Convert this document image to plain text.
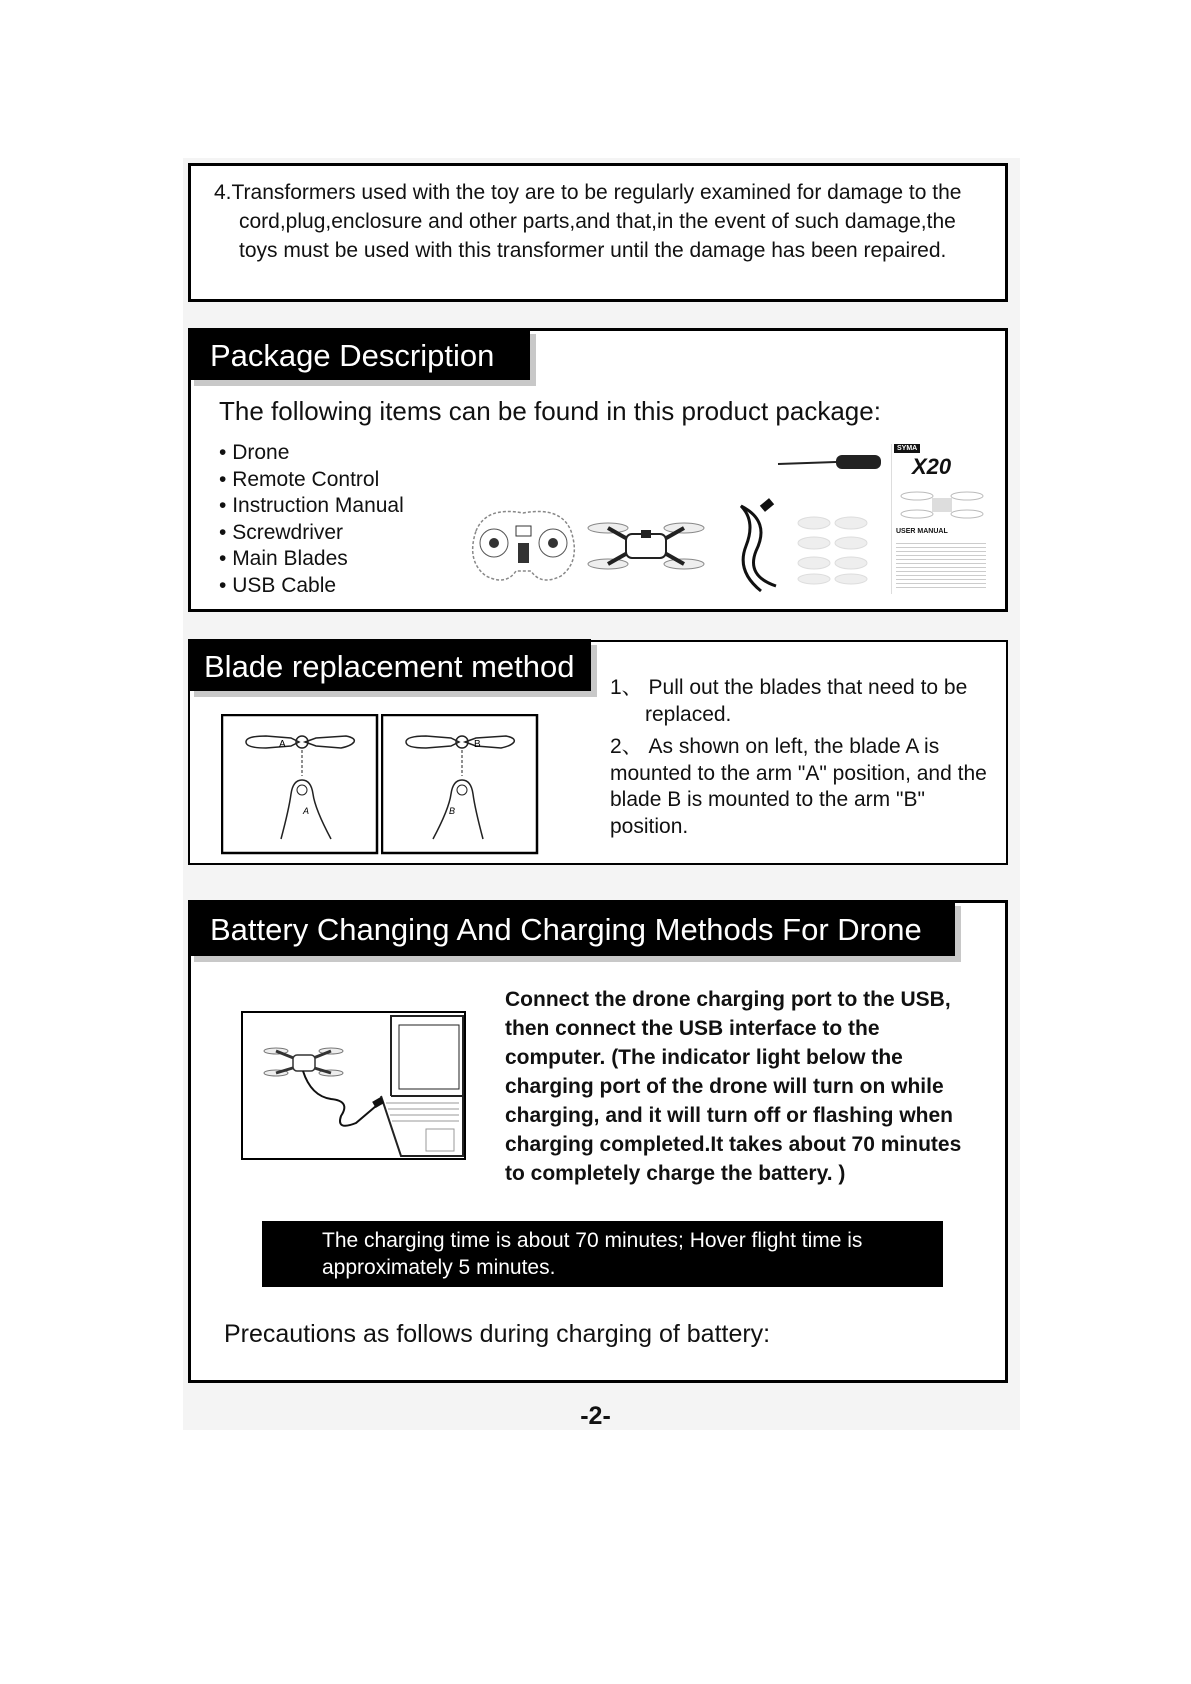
4.Transformers used with the toy are to be regularly examined for damage to the cord,plug,enclosure and other parts,and that,in the event of such damage,the toys must be used with this transformer until the damage has been repaired.

Package Description

The following items can be found in this product package:

• Drone
• Remote Control
• Instruction Manual
• Screwdriver
• Main Blades
• USB Cable
SYMA
X20
USER MANUAL
Blade replacement method
A
A
B
B

1、 Pull out the blades that need to be
replaced.

2、 As shown on left, the blade A is mounted to the arm "A" position, and the blade B is mounted to the arm "B" position.

Battery Changing And Charging Methods For Drone

Connect the drone charging port to the USB, then connect the USB interface to the computer. (The indicator light below the charging port of the drone will turn on while charging, and it will turn off or flashing when charging completed.It takes about 70 minutes to completely charge the battery. )

The charging time is about 70 minutes; Hover flight time is approximately 5 minutes.

Precautions as follows during charging of battery:

-2-
